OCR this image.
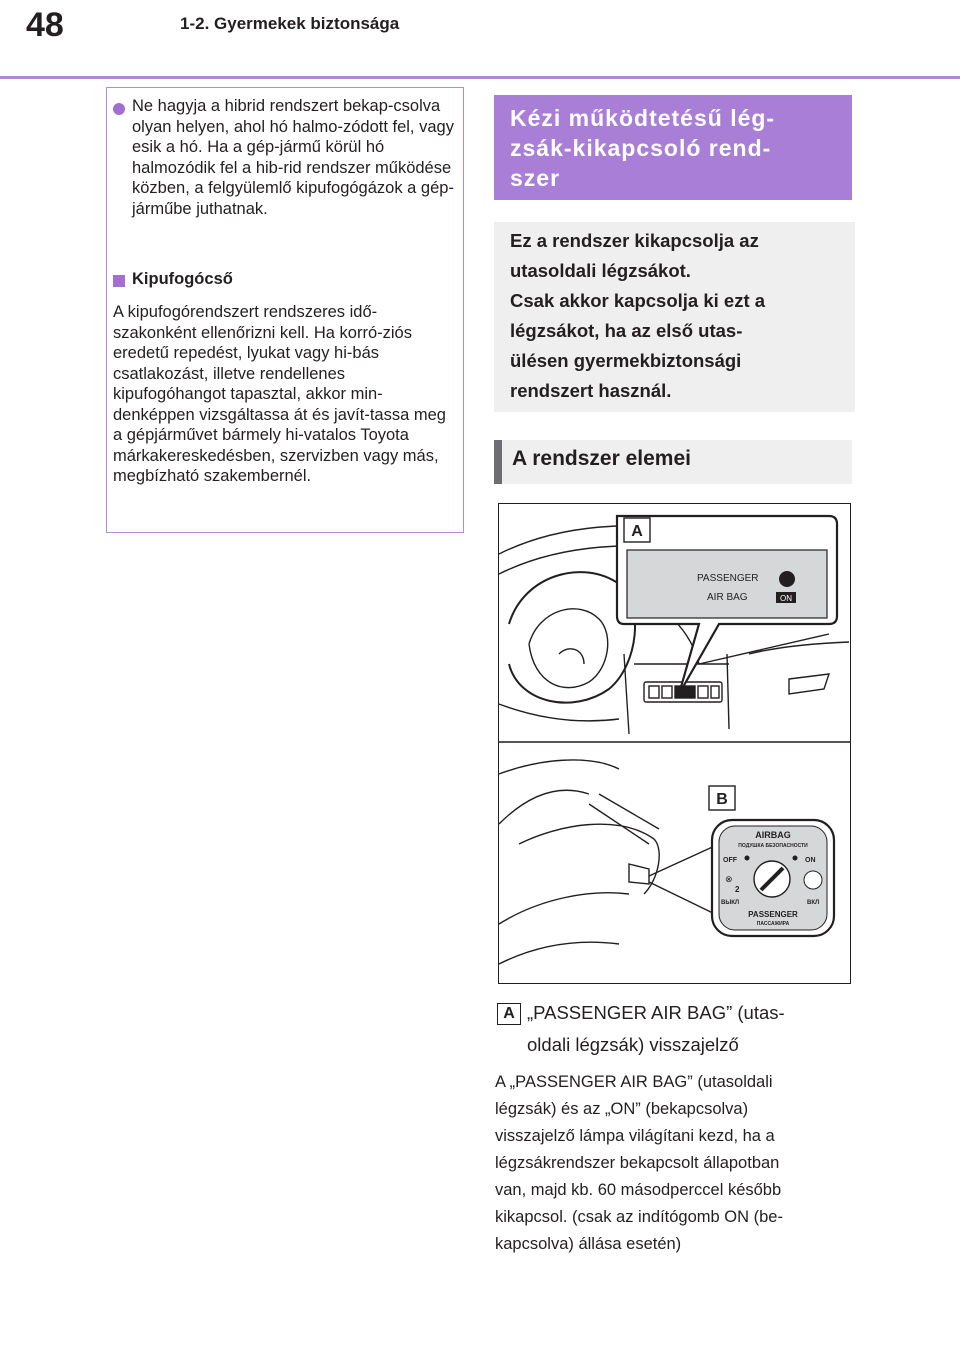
48	1-2. Gyermekek biztonsága
Ne hagyja a hibrid rendszert bekap-csolva olyan helyen, ahol hó halmo-zódott fel, vagy esik a hó. Ha a gép-jármű körül hó halmozódik fel a hib-rid rendszer működése közben, a felgyülemlő kipufogógázok a gép-járműbe juthatnak.
Kipufogócső
A kipufogórendszert rendszeres idő-szakonként ellenőrizni kell. Ha korró-ziós eredetű repedést, lyukat vagy hi-bás csatlakozást, illetve rendellenes kipufogóhangot tapasztal, akkor min-denképpen vizsgáltassa át és javít-tassa meg a gépjárművet bármely hi-vatalos Toyota márkakereskedésben, szervizben vagy más, megbízható szakembernél.
Kézi működtetésű lég-
zsák-kikapcsoló rend-
szer
Ez a rendszer kikapcsolja az
utasoldali légzsákot.
Csak akkor kapcsolja ki ezt a
légzsákot, ha az első utas-
ülésen gyermekbiztonsági
rendszert használ.
A rendszer elemei
A
PASSENGER
AIR BAG	ON
B
AIRBAG
ПОДУШКА БЕЗОПАСНОСТИ
OFF	ON
⊗
2
ВЫКЛ	ВКЛ
PASSENGER
ПАССАЖИРА
A „PASSENGER AIR BAG” (utas-
oldali légzsák) visszajelző
A „PASSENGER AIR BAG” (utasoldali
légzsák) és az „ON” (bekapcsolva)
visszajelző lámpa világítani kezd, ha a
légzsákrendszer bekapcsolt állapotban
van, majd kb. 60 másodperccel később
kikapcsol. (csak az indítógomb ON (be-
kapcsolva) állása esetén)
